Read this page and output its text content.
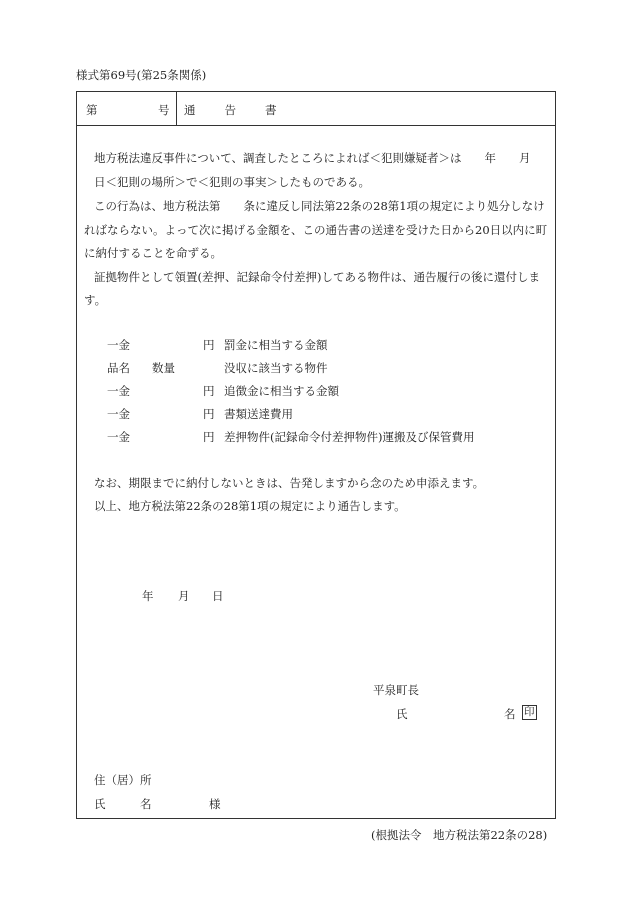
様式第69号(第25条関係)
第	号 通　　告　　書
地方税法違反事件について、調査したところによれば＜犯則嫌疑者＞は　　年　　月
日＜犯則の場所＞で＜犯則の事実＞したものである。
この行為は、地方税法第　　条に違反し同法第22条の28第1項の規定により処分しなけ
ればならない。よって次に掲げる金額を、この通告書の送達を受けた日から20日以内に町
に納付することを命ずる。
証拠物件として領置(差押、記録命令付差押)してある物件は、通告履行の後に還付しま
す。
一金	円 罰金に相当する金額
品名 数量	没収に該当する物件
一金	円 追徴金に相当する金額
一金	円 書類送達費用
一金	円 差押物件(記録命令付差押物件)運搬及び保管費用
なお、期限までに納付しないときは、告発しますから念のため申添えます。
以上、地方税法第22条の28第1項の規定により通告します。
年 月 日
平泉町長
氏	名 印
住（居）所
氏　　　名　　　　　様
(根拠法令　地方税法第22条の28)
